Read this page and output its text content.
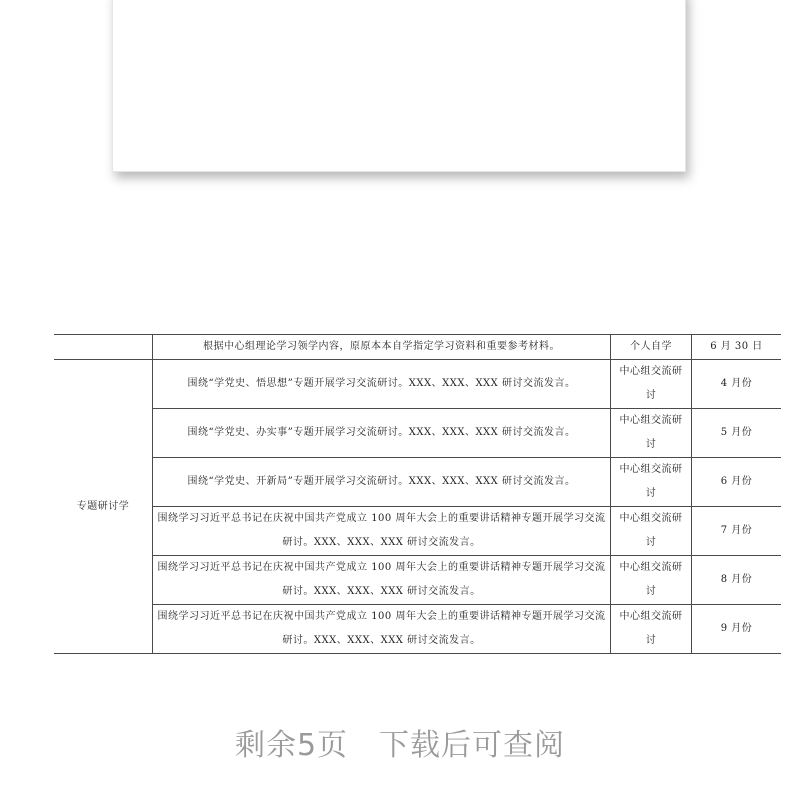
	根据中心组理论学习领学内容，原原本本自学指定学习资料和重要参考材料。	个人自学	6 月 30 日
专题研讨学	围绕“学党史、悟思想”专题开展学习交流研讨。XXX、XXX、XXX 研讨交流发言。	中心组交流研讨	4 月份
	围绕“学党史、办实事”专题开展学习交流研讨。XXX、XXX、XXX 研讨交流发言。	中心组交流研讨	5 月份
	围绕“学党史、开新局”专题开展学习交流研讨。XXX、XXX、XXX 研讨交流发言。	中心组交流研讨	6 月份
	围绕学习习近平总书记在庆祝中国共产党成立 100 周年大会上的重要讲话精神专题开展学习交流研讨。XXX、XXX、XXX 研讨交流发言。	中心组交流研讨	7 月份
	围绕学习习近平总书记在庆祝中国共产党成立 100 周年大会上的重要讲话精神专题开展学习交流研讨。XXX、XXX、XXX 研讨交流发言。	中心组交流研讨	8 月份
	围绕学习习近平总书记在庆祝中国共产党成立 100 周年大会上的重要讲话精神专题开展学习交流研讨。XXX、XXX、XXX 研讨交流发言。	中心组交流研讨	9 月份
剩余5页　下载后可查阅
